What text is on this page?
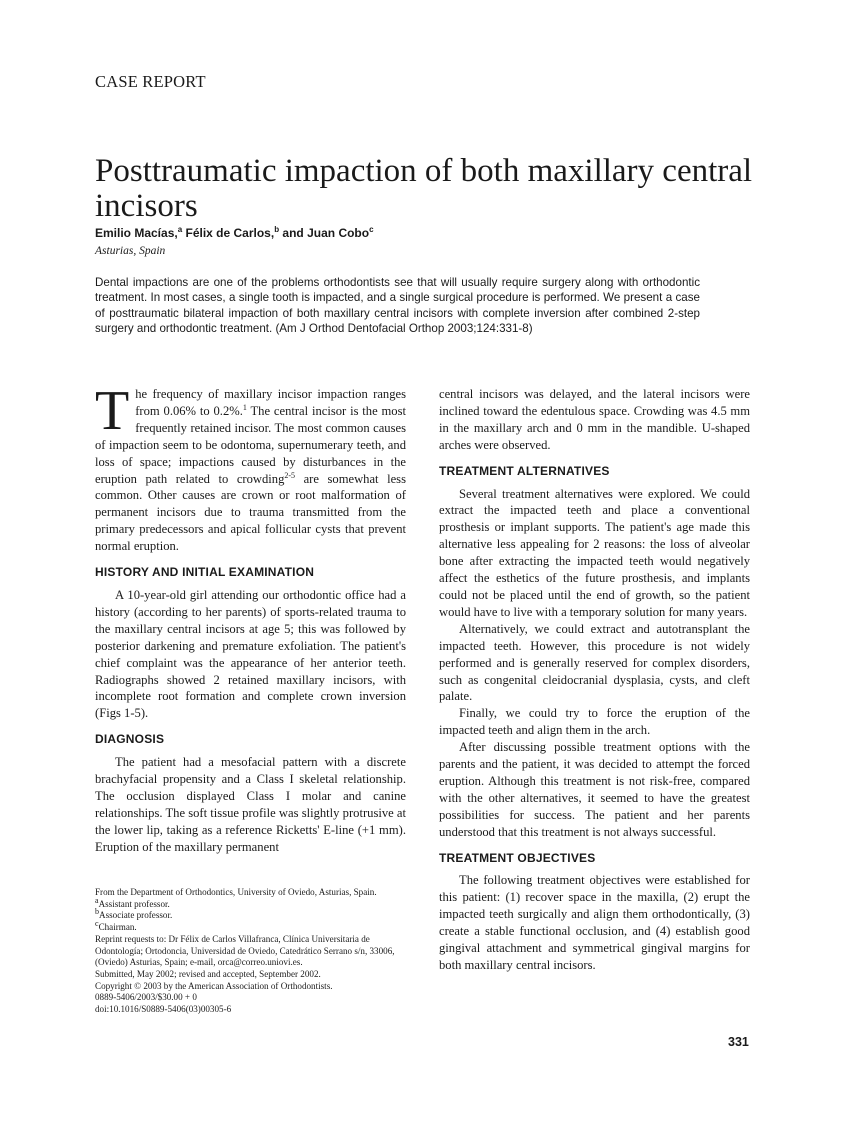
CASE REPORT
Posttraumatic impaction of both maxillary central incisors
Emilio Macías,$^a$ Félix de Carlos,$^b$ and Juan Cobo$^c$
Asturias, Spain
Dental impactions are one of the problems orthodontists see that will usually require surgery along with orthodontic treatment. In most cases, a single tooth is impacted, and a single surgical procedure is performed. We present a case of posttraumatic bilateral impaction of both maxillary central incisors with complete inversion after combined 2-step surgery and orthodontic treatment. (Am J Orthod Dentofacial Orthop 2003;124:331-8)

The frequency of maxillary incisor impaction ranges from 0.06% to 0.2%.$^1$ The central incisor is the most frequently retained incisor. The most common causes of impaction seem to be odontoma, supernumerary teeth, and loss of space; impactions caused by disturbances in the eruption path related to crowding$^{2-5}$ are somewhat less common. Other causes are crown or root malformation of permanent incisors due to trauma transmitted from the primary predecessors and apical follicular cysts that prevent normal eruption.

HISTORY AND INITIAL EXAMINATION

A 10-year-old girl attending our orthodontic office had a history (according to her parents) of sports-related trauma to the maxillary central incisors at age 5; this was followed by posterior darkening and premature exfoliation. The patient's chief complaint was the appearance of her anterior teeth. Radiographs showed 2 retained maxillary incisors, with incomplete root formation and complete crown inversion (Figs 1-5).

DIAGNOSIS

The patient had a mesofacial pattern with a discrete brachyfacial propensity and a Class I skeletal relationship. The occlusion displayed Class I molar and canine relationships. The soft tissue profile was slightly protrusive at the lower lip, taking as a reference Ricketts' E-line (+1 mm). Eruption of the maxillary permanent

central incisors was delayed, and the lateral incisors were inclined toward the edentulous space. Crowding was 4.5 mm in the maxillary arch and 0 mm in the mandible. U-shaped arches were observed.

TREATMENT ALTERNATIVES

Several treatment alternatives were explored. We could extract the impacted teeth and place a conventional prosthesis or implant supports. The patient's age made this alternative less appealing for 2 reasons: the loss of alveolar bone after extracting the impacted teeth would negatively affect the esthetics of the future prosthesis, and implants could not be placed until the end of growth, so the patient would have to live with a temporary solution for many years.

Alternatively, we could extract and autotransplant the impacted teeth. However, this procedure is not widely performed and is generally reserved for complex disorders, such as congenital cleidocranial dysplasia, cysts, and cleft palate.

Finally, we could try to force the eruption of the impacted teeth and align them in the arch.

After discussing possible treatment options with the parents and the patient, it was decided to attempt the forced eruption. Although this treatment is not risk-free, compared with the other alternatives, it seemed to have the greatest possibilities for success. The patient and her parents understood that this treatment is not always successful.

TREATMENT OBJECTIVES

The following treatment objectives were established for this patient: (1) recover space in the maxilla, (2) erupt the impacted teeth surgically and align them orthodontically, (3) create a stable functional occlusion, and (4) establish good gingival attachment and symmetrical gingival margins for both maxillary central incisors.

From the Department of Orthodontics, University of Oviedo, Asturias, Spain.
$^a$Assistant professor.
$^b$Associate professor.
$^c$Chairman.
Reprint requests to: Dr Félix de Carlos Villafranca, Clínica Universitaria de Odontología; Ortodoncia, Universidad de Oviedo, Catedrático Serrano s/n, 33006, (Oviedo) Asturias, Spain; e-mail, orca@correo.uniovi.es.
Submitted, May 2002; revised and accepted, September 2002.
Copyright © 2003 by the American Association of Orthodontists.
0889-5406/2003/$30.00 + 0
doi:10.1016/S0889-5406(03)00305-6
331
